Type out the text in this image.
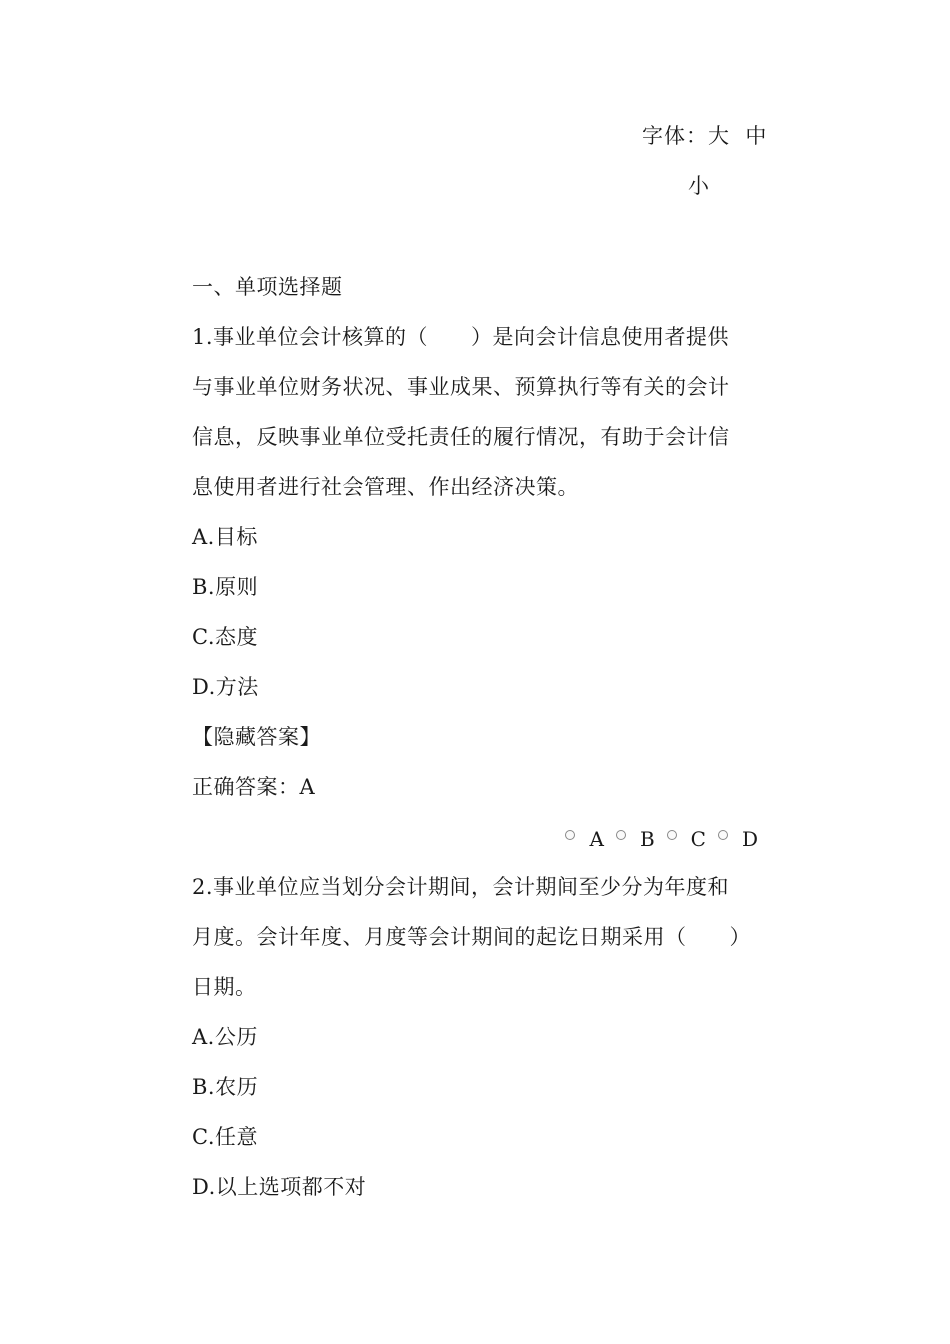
字体：大 中
小
一、单项选择题
1.事业单位会计核算的（　　）是向会计信息使用者提供
与事业单位财务状况、事业成果、预算执行等有关的会计
信息，反映事业单位受托责任的履行情况，有助于会计信
息使用者进行社会管理、作出经济决策。
A.目标
B.原则
C.态度
D.方法
【隐藏答案】
正确答案：A
A B C D
2.事业单位应当划分会计期间，会计期间至少分为年度和
月度。会计年度、月度等会计期间的起讫日期采用（　　）
日期。
A.公历
B.农历
C.任意
D.以上选项都不对
